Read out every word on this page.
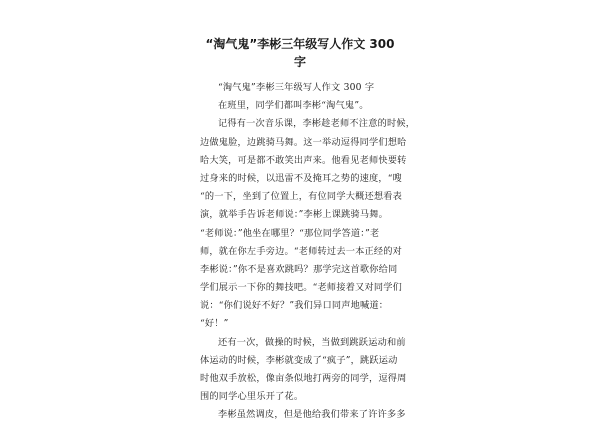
“淘气鬼”李彬三年级写人作文 300
字
“淘气鬼”李彬三年级写人作文 300 字
在班里，同学们都叫李彬“淘气鬼”。
记得有一次音乐课，李彬趁老师不注意的时候，
边做鬼脸，边跳骑马舞。这一举动逗得同学们想哈
哈大笑，可是都不敢笑出声来。他看见老师快要转
过身来的时候，以迅雷不及掩耳之势的速度，“嗖
“的一下，坐到了位置上，有位同学大概还想看表
演，就举手告诉老师说：”李彬上课跳骑马舞。
“老师说：”他坐在哪里？“那位同学答道：”老
师，就在你左手旁边。“老师转过去一本正经的对
李彬说：”你不是喜欢跳吗？那学完这首歌你给同
学们展示一下你的舞技吧。“老师接着又对同学们
说：“你们说好不好？”我们异口同声地喊道：
“好！”
还有一次，做操的时候，当做到跳跃运动和前
体运动的时候，李彬就变成了“疯子”，跳跃运动
时他双手放松，像亩条似地打两旁的同学，逗得周
围的同学心里乐开了花。
李彬虽然调皮，但是他给我们带来了许许多多
